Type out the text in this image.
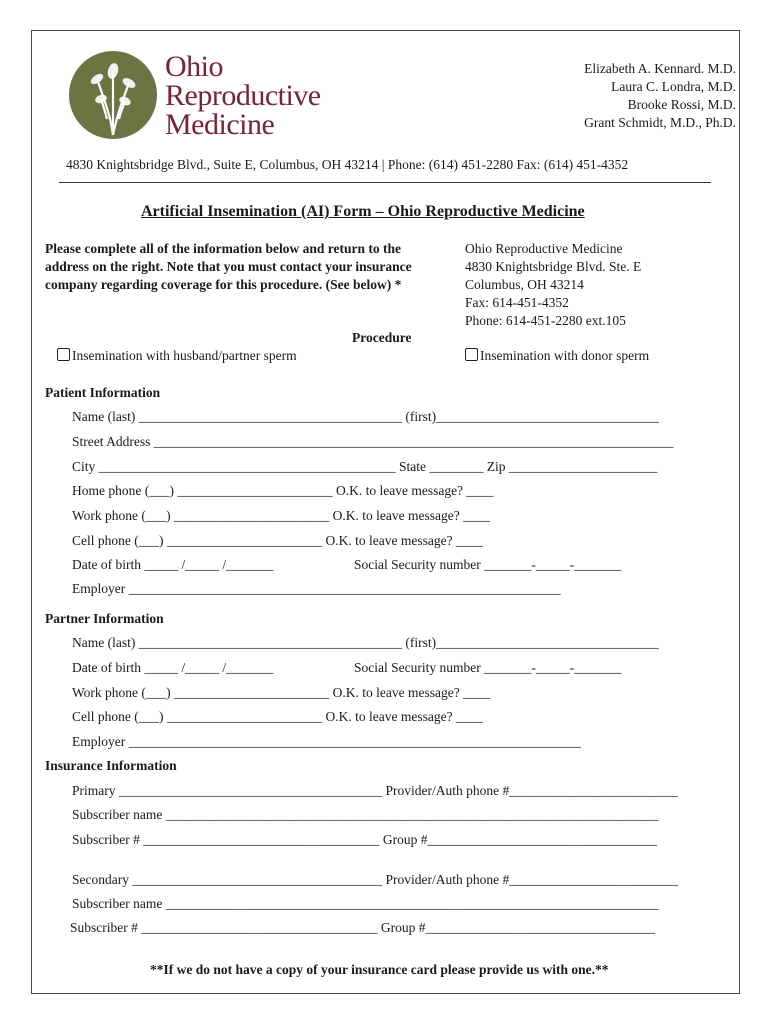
Ohio
Reproductive
Medicine
Elizabeth A. Kennard. M.D.
Laura C. Londra, M.D.
Brooke Rossi, M.D.
Grant Schmidt, M.D., Ph.D.
4830 Knightsbridge Blvd., Suite E, Columbus, OH 43214 | Phone: (614) 451-2280 Fax: (614) 451-4352
Artificial Insemination (AI) Form – Ohio Reproductive Medicine
Please complete all of the information below and return to the address on the right. Note that you must contact your insurance company regarding coverage for this procedure. (See below) *
Ohio Reproductive Medicine
4830 Knightsbridge Blvd. Ste. E
Columbus, OH 43214
Fax: 614-451-4352
Phone: 614-451-2280 ext.105
Procedure
Insemination with husband/partner sperm	Insemination with donor sperm
Patient Information
Name (last) _______________________________________ (first)_________________________________
Street Address _____________________________________________________________________________
City ____________________________________________ State ________ Zip ______________________
Home phone (___) _______________________ O.K. to leave message? ____
Work phone (___) _______________________ O.K. to leave message? ____
Cell phone (___) _______________________ O.K. to leave message? ____
Date of birth _____ /_____ /_______	Social Security number _______-_____-_______
Employer ________________________________________________________________
Partner Information
Name (last) _______________________________________ (first)_________________________________
Date of birth _____ /_____ /_______	Social Security number _______-_____-_______
Work phone (___) _______________________ O.K. to leave message? ____
Cell phone (___) _______________________ O.K. to leave message? ____
Employer ___________________________________________________________________
Insurance Information
Primary _______________________________________ Provider/Auth phone #_________________________
Subscriber name _________________________________________________________________________
Subscriber # ___________________________________ Group #__________________________________
Secondary _____________________________________ Provider/Auth phone #_________________________
Subscriber name _________________________________________________________________________
Subscriber # ___________________________________ Group #__________________________________
**If we do not have a copy of your insurance card please provide us with one.**
